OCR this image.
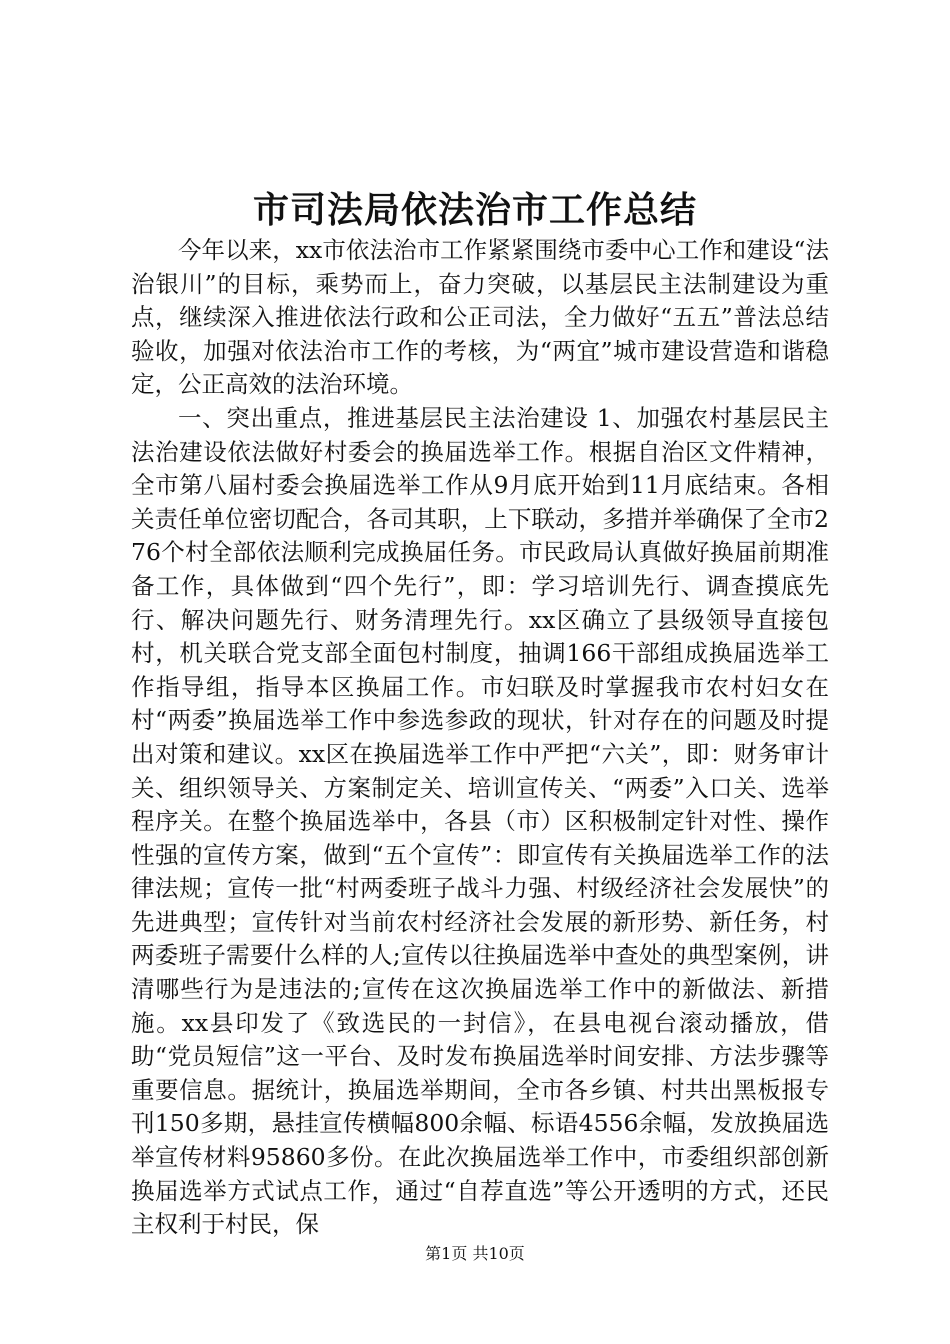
市司法局依法治市工作总结

今年以来，xx市依法治市工作紧紧围绕市委中心工作和建设“法治银川”的目标，乘势而上，奋力突破，以基层民主法制建设为重点，继续深入推进依法行政和公正司法，全力做好“五五”普法总结验收，加强对依法治市工作的考核，为“两宜”城市建设营造和谐稳定，公正高效的法治环境。

一、突出重点，推进基层民主法治建设 1、加强农村基层民主法治建设依法做好村委会的换届选举工作。根据自治区文件精神，全市第八届村委会换届选举工作从9月底开始到11月底结束。各相关责任单位密切配合，各司其职，上下联动，多措并举确保了全市276个村全部依法顺利完成换届任务。市民政局认真做好换届前期准备工作，具体做到“四个先行”，即：学习培训先行、调查摸底先行、解决问题先行、财务清理先行。xx区确立了县级领导直接包村，机关联合党支部全面包村制度，抽调166干部组成换届选举工作指导组，指导本区换届工作。市妇联及时掌握我市农村妇女在村“两委”换届选举工作中参选参政的现状，针对存在的问题及时提出对策和建议。xx区在换届选举工作中严把“六关”，即：财务审计关、组织领导关、方案制定关、培训宣传关、“两委”入口关、选举程序关。在整个换届选举中，各县（市）区积极制定针对性、操作性强的宣传方案，做到“五个宣传”：即宣传有关换届选举工作的法律法规；宣传一批“村两委班子战斗力强、村级经济社会发展快”的先进典型；宣传针对当前农村经济社会发展的新形势、新任务，村两委班子需要什么样的人;宣传以往换届选举中查处的典型案例，讲清哪些行为是违法的;宣传在这次换届选举工作中的新做法、新措施。xx县印发了《致选民的一封信》，在县电视台滚动播放，借助“党员短信”这一平台、及时发布换届选举时间安排、方法步骤等重要信息。据统计，换届选举期间，全市各乡镇、村共出黑板报专刊150多期，悬挂宣传横幅800余幅、标语4556余幅，发放换届选举宣传材料95860多份。在此次换届选举工作中，市委组织部创新换届选举方式试点工作，通过“自荐直选”等公开透明的方式，还民主权利于村民，保

第1页 共10页
